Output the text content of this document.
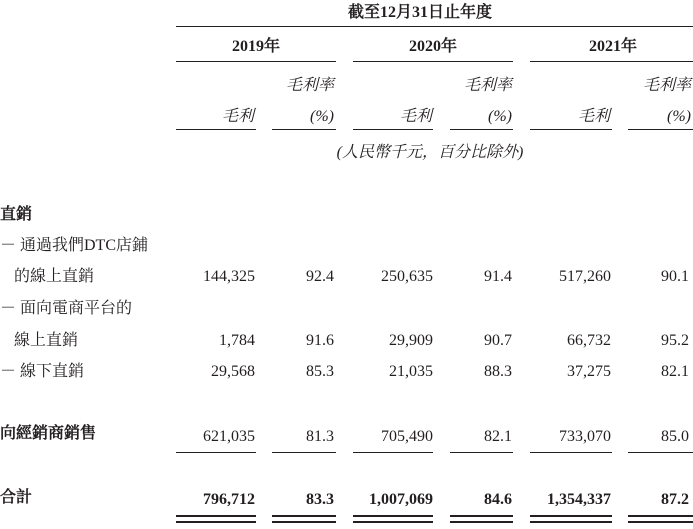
截至12月31日止年度
2019年	2020年	2021年
毛利率	毛利率	毛利率
毛利	(%)	毛利	(%)	毛利	(%)
(人民幣千元，百分比除外)
直銷
－ 通過我們DTC店鋪
的線上直銷	144,325	92.4	250,635	91.4	517,260	90.1
－ 面向電商平台的
線上直銷	1,784	91.6	29,909	90.7	66,732	95.2
－ 線下直銷	29,568	85.3	21,035	88.3	37,275	82.1
向經銷商銷售	621,035	81.3	705,490	82.1	733,070	85.0
合計	796,712	83.3	1,007,069	84.6	1,354,337	87.2
